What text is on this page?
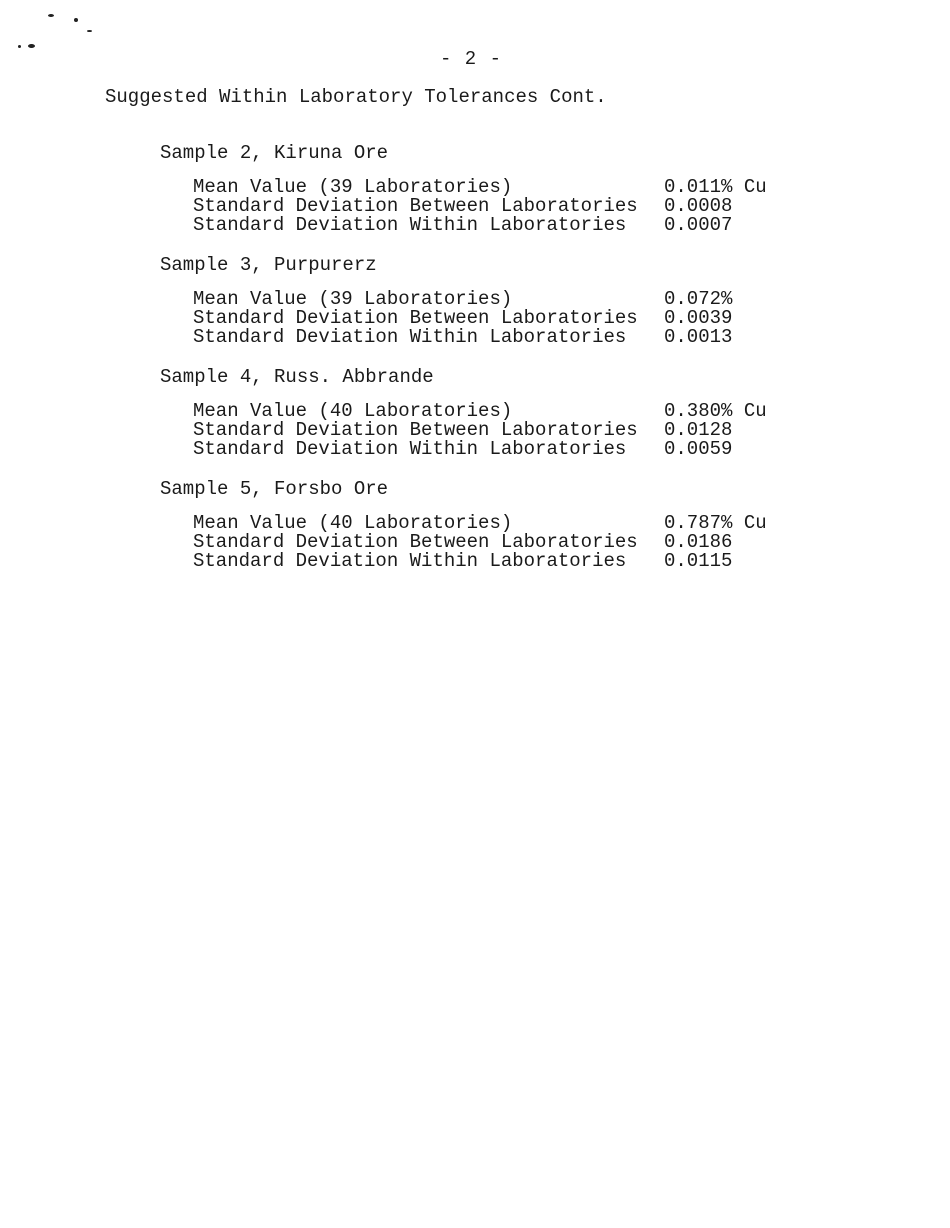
- 2 -
Suggested Within Laboratory Tolerances Cont.
Sample 2, Kiruna Ore
Mean Value (39 Laboratories)	0.011% Cu
Standard Deviation Between Laboratories 0.0008
Standard Deviation Within Laboratories 0.0007
Sample 3, Purpurerz
Mean Value (39 Laboratories)	0.072%
Standard Deviation Between Laboratories 0.0039
Standard Deviation Within Laboratories 0.0013
Sample 4, Russ. Abbrande
Mean Value (40 Laboratories)	0.380% Cu
Standard Deviation Between Laboratories 0.0128
Standard Deviation Within Laboratories 0.0059
Sample 5, Forsbo Ore
Mean Value (40 Laboratories)	0.787% Cu
Standard Deviation Between Laboratories 0.0186
Standard Deviation Within Laboratories 0.0115
